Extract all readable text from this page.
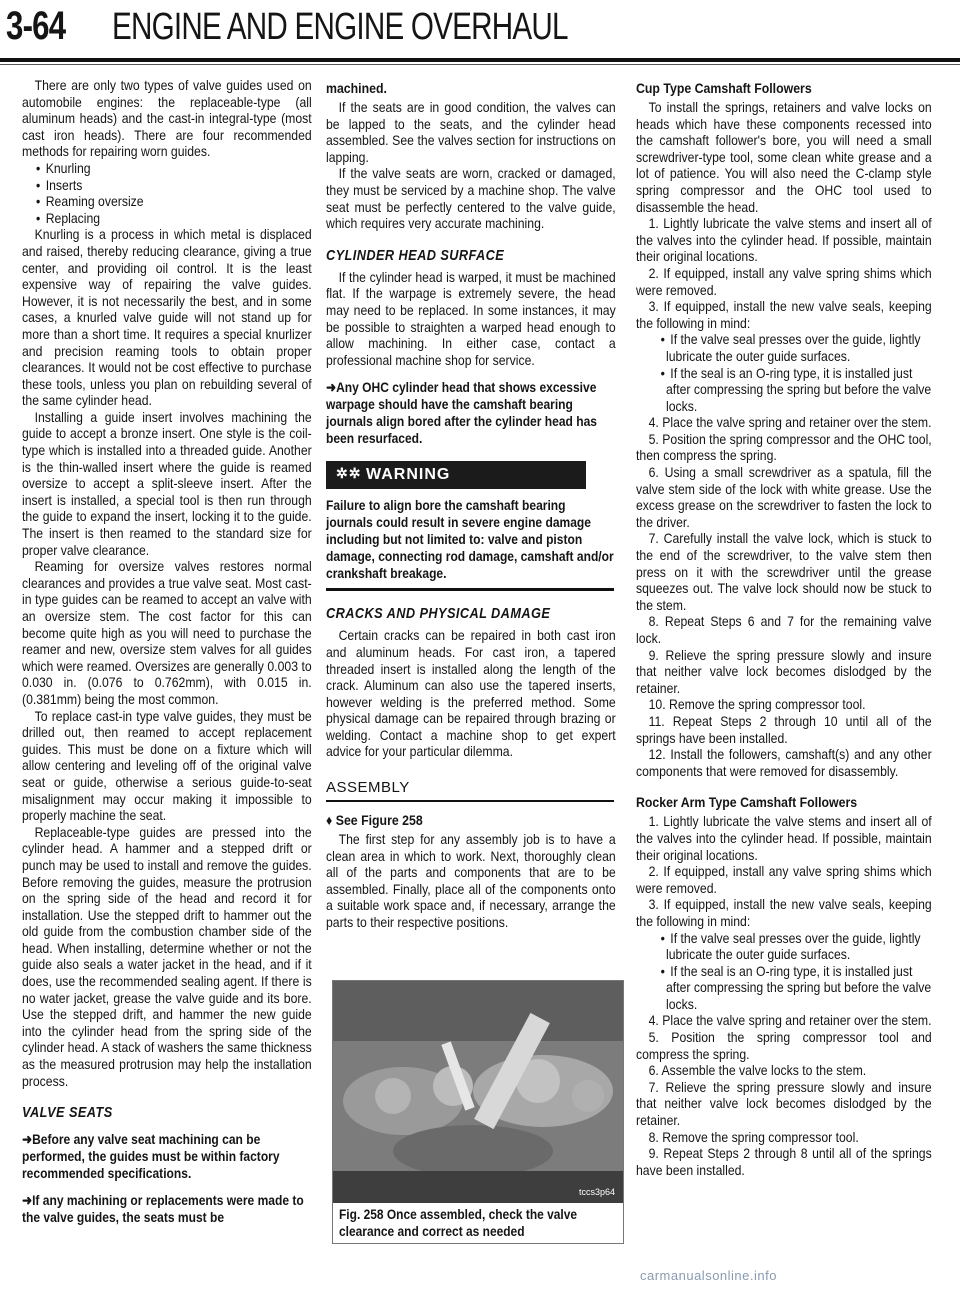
3-64 ENGINE AND ENGINE OVERHAUL

There are only two types of valve guides used on automobile engines: the replaceable-type (all aluminum heads) and the cast-in integral-type (most cast iron heads). There are four recommended methods for repairing worn guides.

• Knurling
• Inserts
• Reaming oversize
• Replacing

Knurling is a process in which metal is displaced and raised, thereby reducing clearance, giving a true center, and providing oil control. It is the least expensive way of repairing the valve guides. However, it is not necessarily the best, and in some cases, a knurled valve guide will not stand up for more than a short time. It requires a special knurlizer and precision reaming tools to obtain proper clearances. It would not be cost effective to purchase these tools, unless you plan on rebuilding several of the same cylinder head.

Installing a guide insert involves machining the guide to accept a bronze insert. One style is the coil-type which is installed into a threaded guide. Another is the thin-walled insert where the guide is reamed oversize to accept a split-sleeve insert. After the insert is installed, a special tool is then run through the guide to expand the insert, locking it to the guide. The insert is then reamed to the standard size for proper valve clearance.

Reaming for oversize valves restores normal clearances and provides a true valve seat. Most cast-in type guides can be reamed to accept an valve with an oversize stem. The cost factor for this can become quite high as you will need to purchase the reamer and new, oversize stem valves for all guides which were reamed. Oversizes are generally 0.003 to 0.030 in. (0.076 to 0.762mm), with 0.015 in. (0.381mm) being the most common.

To replace cast-in type valve guides, they must be drilled out, then reamed to accept replacement guides. This must be done on a fixture which will allow centering and leveling off of the original valve seat or guide, otherwise a serious guide-to-seat misalignment may occur making it impossible to properly machine the seat.

Replaceable-type guides are pressed into the cylinder head. A hammer and a stepped drift or punch may be used to install and remove the guides. Before removing the guides, measure the protrusion on the spring side of the head and record it for installation. Use the stepped drift to hammer out the old guide from the combustion chamber side of the head. When installing, determine whether or not the guide also seals a water jacket in the head, and if it does, use the recommended sealing agent. If there is no water jacket, grease the valve guide and its bore. Use the stepped drift, and hammer the new guide into the cylinder head from the spring side of the cylinder head. A stack of washers the same thickness as the measured protrusion may help the installation process.

VALVE SEATS
➜Before any valve seat machining can be performed, the guides must be within factory recommended specifications.
➜If any machining or replacements were made to the valve guides, the seats must be
machined.

If the seats are in good condition, the valves can be lapped to the seats, and the cylinder head assembled. See the valves section for instructions on lapping.

If the valve seats are worn, cracked or damaged, they must be serviced by a machine shop. The valve seat must be perfectly centered to the valve guide, which requires very accurate machining.

CYLINDER HEAD SURFACE

If the cylinder head is warped, it must be machined flat. If the warpage is extremely severe, the head may need to be replaced. In some instances, it may be possible to straighten a warped head enough to allow machining. In either case, contact a professional machine shop for service.

➜Any OHC cylinder head that shows excessive warpage should have the camshaft bearing journals align bored after the cylinder head has been resurfaced.
✲✲ WARNING
Failure to align bore the camshaft bearing journals could result in severe engine damage including but not limited to: valve and piston damage, connecting rod damage, camshaft and/or crankshaft breakage.
CRACKS AND PHYSICAL DAMAGE

Certain cracks can be repaired in both cast iron and aluminum heads. For cast iron, a tapered threaded insert is installed along the length of the crack. Aluminum can also use the tapered inserts, however welding is the preferred method. Some physical damage can be repaired through brazing or welding. Contact a machine shop to get expert advice for your particular dilemma.

ASSEMBLY
♦ See Figure 258

The first step for any assembly job is to have a clean area in which to work. Next, thoroughly clean all of the parts and components that are to be assembled. Finally, place all of the components onto a suitable work space and, if necessary, arrange the parts to their respective positions.

tccs3p64
Fig. 258 Once assembled, check the valve clearance and correct as needed
Cup Type Camshaft Followers

To install the springs, retainers and valve locks on heads which have these components recessed into the camshaft follower's bore, you will need a small screwdriver-type tool, some clean white grease and a lot of patience. You will also need the C-clamp style spring compressor and the OHC tool used to disassemble the head.

1. Lightly lubricate the valve stems and insert all of the valves into the cylinder head. If possible, maintain their original locations.

2. If equipped, install any valve spring shims which were removed.

3. If equipped, install the new valve seals, keeping the following in mind:

• If the valve seal presses over the guide, lightly lubricate the outer guide surfaces.
• If the seal is an O-ring type, it is installed just after compressing the spring but before the valve locks.

4. Place the valve spring and retainer over the stem.

5. Position the spring compressor and the OHC tool, then compress the spring.

6. Using a small screwdriver as a spatula, fill the valve stem side of the lock with white grease. Use the excess grease on the screwdriver to fasten the lock to the driver.

7. Carefully install the valve lock, which is stuck to the end of the screwdriver, to the valve stem then press on it with the screwdriver until the grease squeezes out. The valve lock should now be stuck to the stem.

8. Repeat Steps 6 and 7 for the remaining valve lock.

9. Relieve the spring pressure slowly and insure that neither valve lock becomes dislodged by the retainer.

10. Remove the spring compressor tool.

11. Repeat Steps 2 through 10 until all of the springs have been installed.

12. Install the followers, camshaft(s) and any other components that were removed for disassembly.

Rocker Arm Type Camshaft Followers

1. Lightly lubricate the valve stems and insert all of the valves into the cylinder head. If possible, maintain their original locations.

2. If equipped, install any valve spring shims which were removed.

3. If equipped, install the new valve seals, keeping the following in mind:

• If the valve seal presses over the guide, lightly lubricate the outer guide surfaces.
• If the seal is an O-ring type, it is installed just after compressing the spring but before the valve locks.

4. Place the valve spring and retainer over the stem.

5. Position the spring compressor tool and compress the spring.

6. Assemble the valve locks to the stem.

7. Relieve the spring pressure slowly and insure that neither valve lock becomes dislodged by the retainer.

8. Remove the spring compressor tool.

9. Repeat Steps 2 through 8 until all of the springs have been installed.

carmanualsonline.info
